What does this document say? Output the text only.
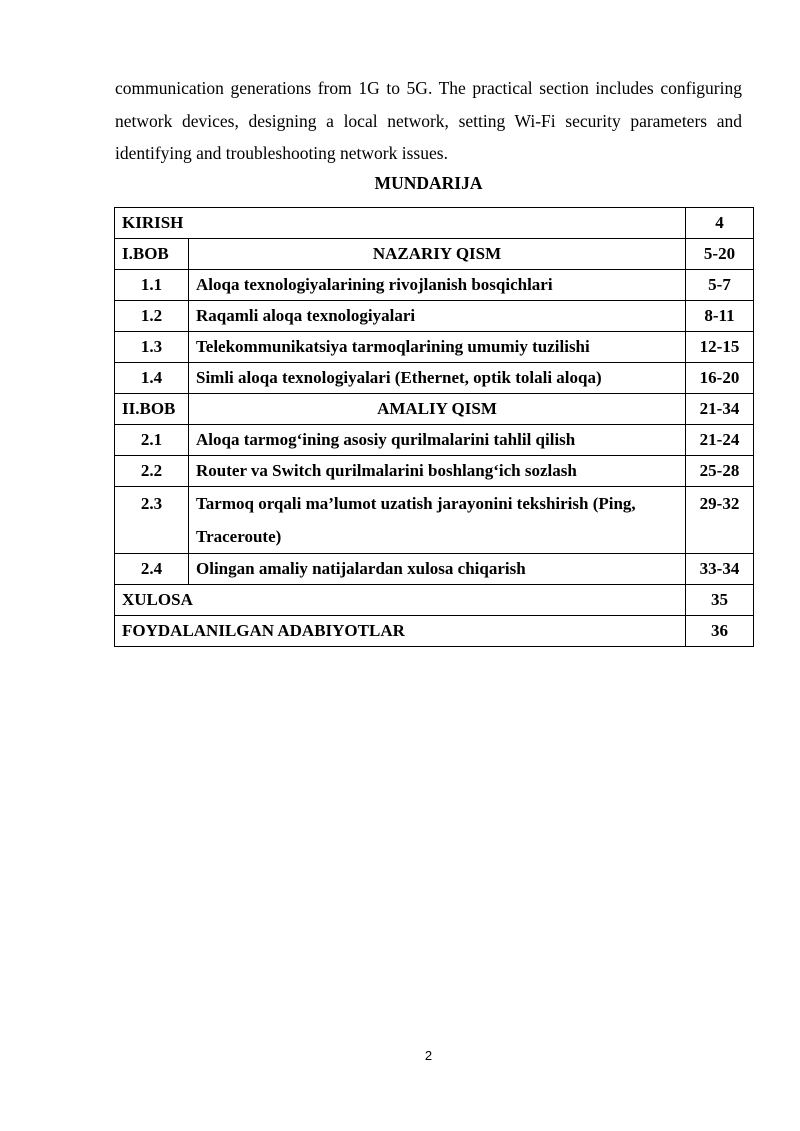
communication generations from 1G to 5G. The practical section includes configuring network devices, designing a local network, setting Wi-Fi security parameters and identifying and troubleshooting network issues.

MUNDARIJA

KIRISH		4
I.BOB	NAZARIY QISM	5-20
1.1	Aloqa texnologiyalarining rivojlanish bosqichlari	5-7
1.2	Raqamli aloqa texnologiyalari	8-11
1.3	Telekommunikatsiya tarmoqlarining umumiy tuzilishi	12-15
1.4	Simli aloqa texnologiyalari (Ethernet, optik tolali aloqa)	16-20
II.BOB	AMALIY QISM	21-34
2.1	Aloqa tarmog‘ining asosiy qurilmalarini tahlil qilish	21-24
2.2	Router va Switch qurilmalarini boshlang‘ich sozlash	25-28
2.3	Tarmoq orqali ma’lumot uzatish jarayonini tekshirish (Ping, Traceroute)	29-32
2.4	Olingan amaliy natijalardan xulosa chiqarish	33-34
XULOSA		35
FOYDALANILGAN ADABIYOTLAR		36
2
